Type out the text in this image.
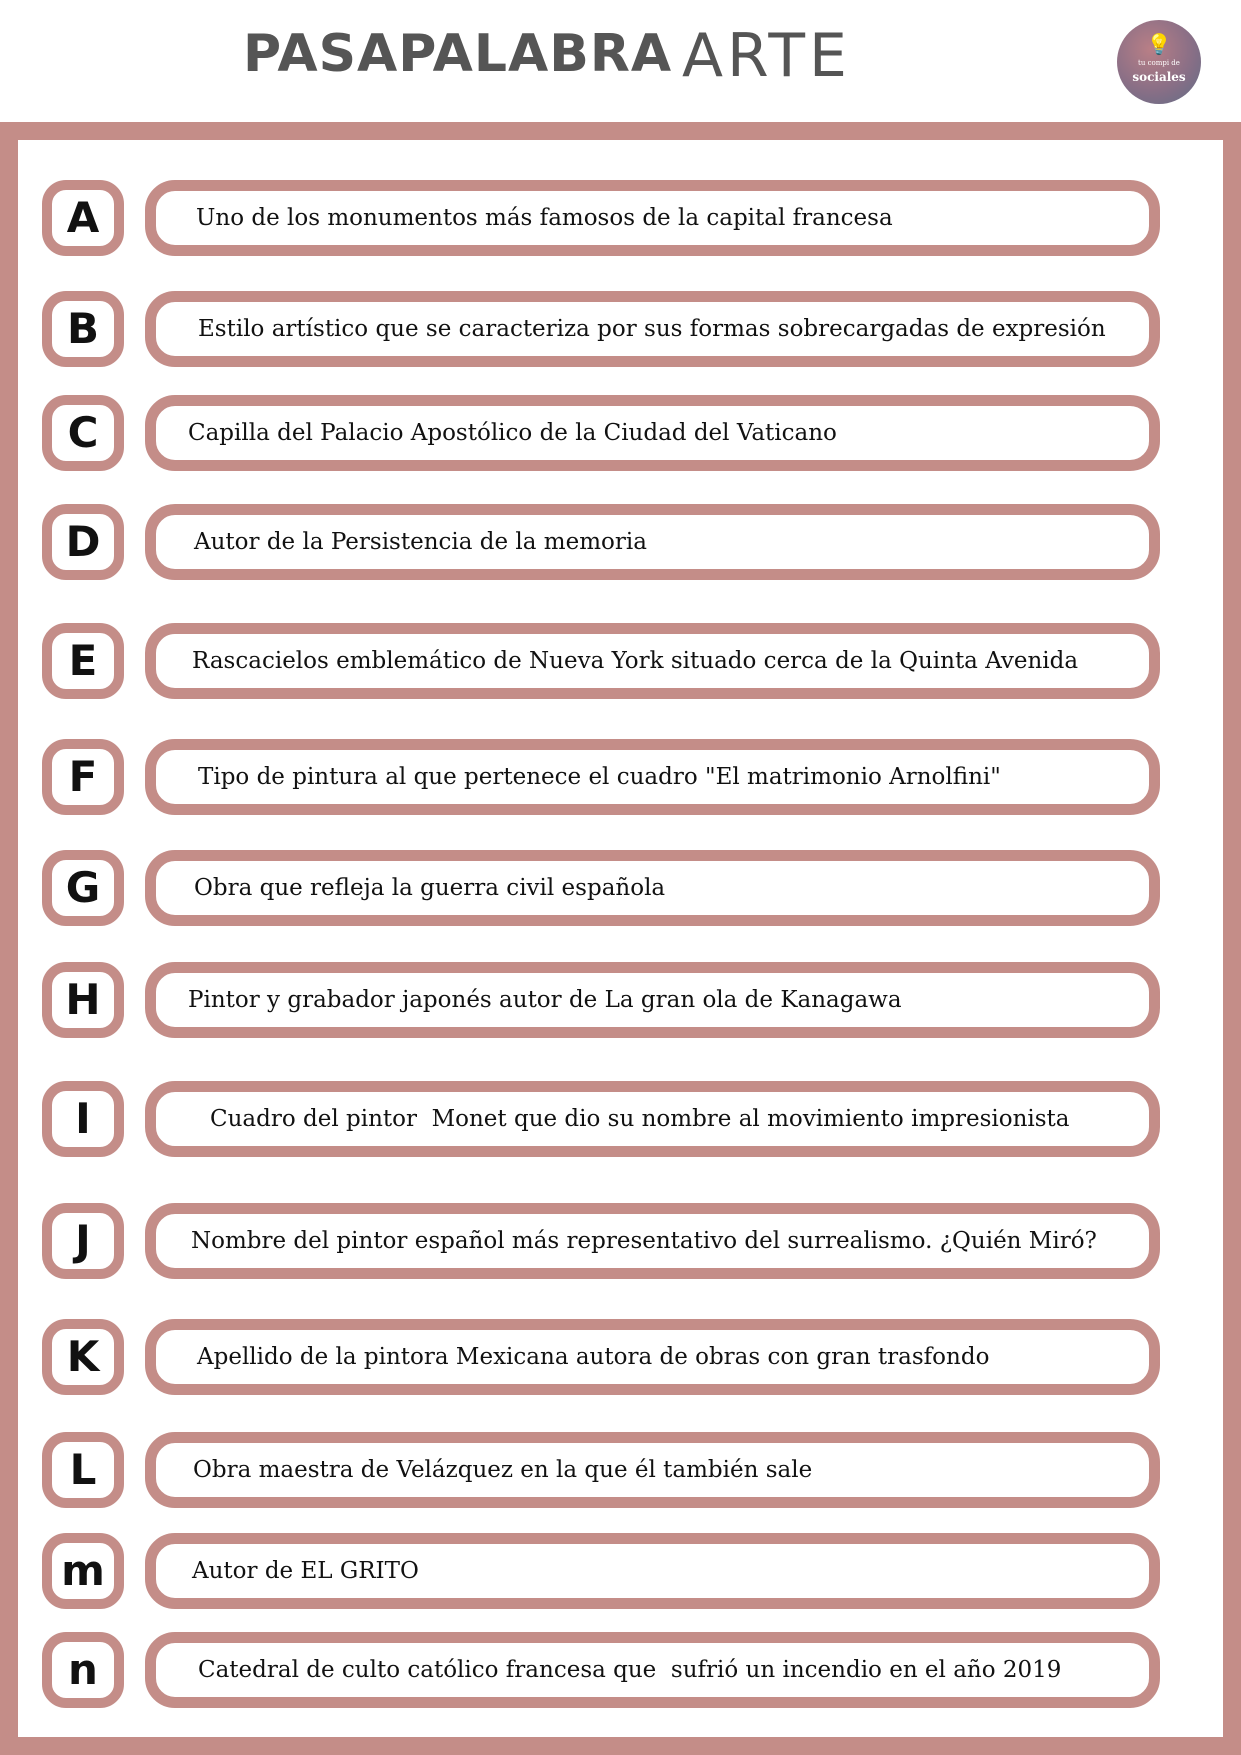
PASAPALABRA ARTE	💡
tu compi de
sociales
A	Uno de los monumentos más famosos de la capital francesa
B	Estilo artístico que se caracteriza por sus formas sobrecargadas de expresión
C	Capilla del Palacio Apostólico de la Ciudad del Vaticano
D	Autor de la Persistencia de la memoria
E	Rascacielos emblemático de Nueva York situado cerca de la Quinta Avenida
F	Tipo de pintura al que pertenece el cuadro "El matrimonio Arnolfini"
G	Obra que refleja la guerra civil española
H	Pintor y grabador japonés autor de La gran ola de Kanagawa
I	Cuadro del pintor  Monet que dio su nombre al movimiento impresionista
J	Nombre del pintor español más representativo del surrealismo. ¿Quién Miró?
K	Apellido de la pintora Mexicana autora de obras con gran trasfondo
L	Obra maestra de Velázquez en la que él también sale
m	Autor de EL GRITO
n	Catedral de culto católico francesa que  sufrió un incendio en el año 2019
